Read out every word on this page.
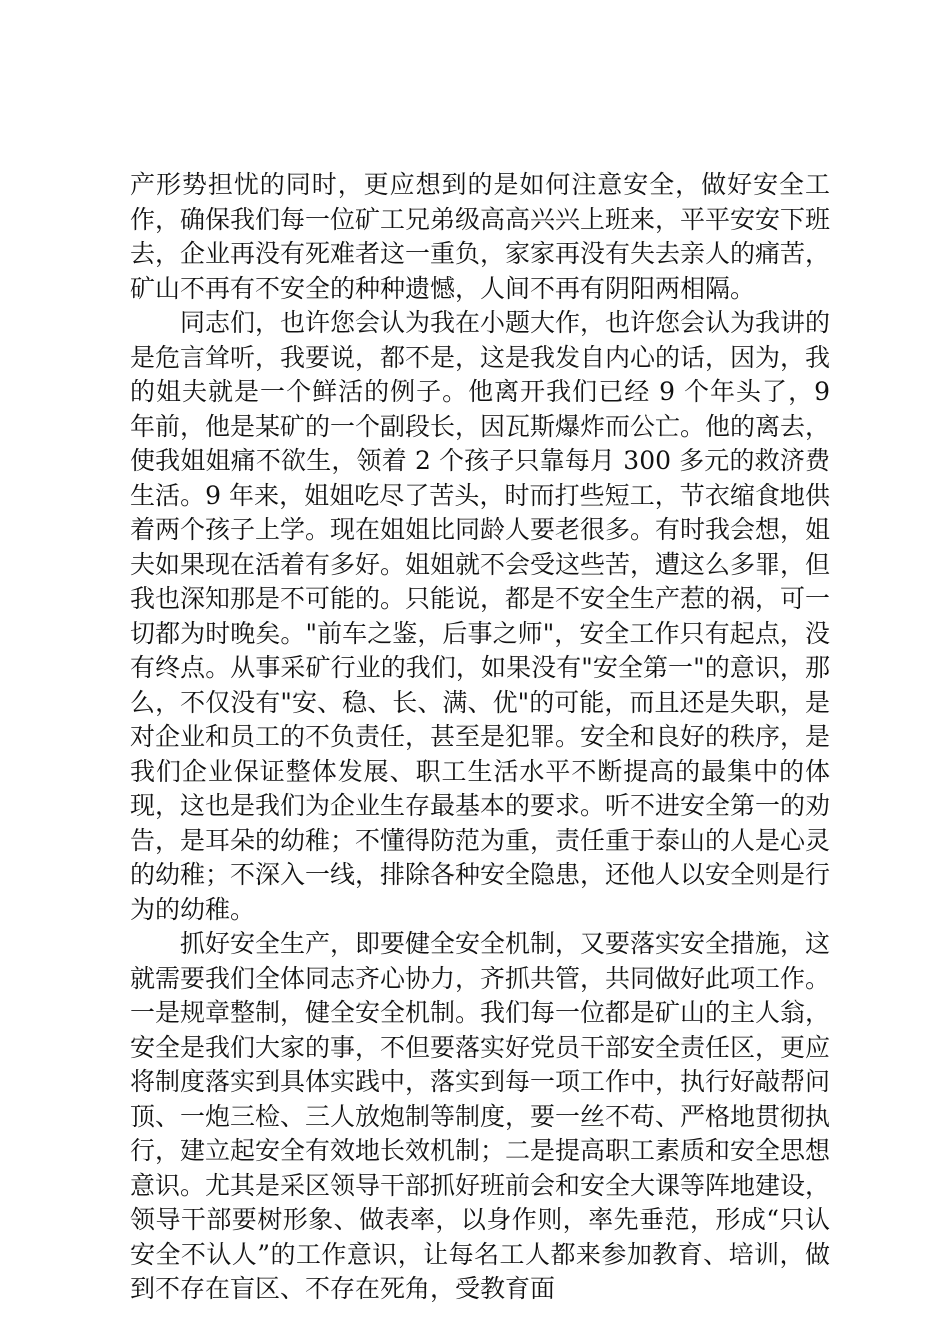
产形势担忧的同时，更应想到的是如何注意安全，做好安全工作，确保我们每一位矿工兄弟级高高兴兴上班来，平平安安下班去，企业再没有死难者这一重负，家家再没有失去亲人的痛苦，矿山不再有不安全的种种遗憾，人间不再有阴阳两相隔。

同志们，也许您会认为我在小题大作，也许您会认为我讲的是危言耸听，我要说，都不是，这是我发自内心的话，因为，我的姐夫就是一个鲜活的例子。他离开我们已经 9 个年头了，9 年前，他是某矿的一个副段长，因瓦斯爆炸而公亡。他的离去，使我姐姐痛不欲生，领着 2 个孩子只靠每月 300 多元的救济费生活。9 年来，姐姐吃尽了苦头，时而打些短工，节衣缩食地供着两个孩子上学。现在姐姐比同龄人要老很多。有时我会想，姐夫如果现在活着有多好。姐姐就不会受这些苦，遭这么多罪，但我也深知那是不可能的。只能说，都是不安全生产惹的祸，可一切都为时晚矣。"前车之鉴，后事之师"，安全工作只有起点，没有终点。从事采矿行业的我们，如果没有"安全第一"的意识，那么，不仅没有"安、稳、长、满、优"的可能，而且还是失职，是对企业和员工的不负责任，甚至是犯罪。安全和良好的秩序，是我们企业保证整体发展、职工生活水平不断提高的最集中的体现，这也是我们为企业生存最基本的要求。听不进安全第一的劝告，是耳朵的幼稚；不懂得防范为重，责任重于泰山的人是心灵的幼稚；不深入一线，排除各种安全隐患，还他人以安全则是行为的幼稚。

抓好安全生产，即要健全安全机制，又要落实安全措施，这就需要我们全体同志齐心协力，齐抓共管，共同做好此项工作。一是规章整制，健全安全机制。我们每一位都是矿山的主人翁，安全是我们大家的事，不但要落实好党员干部安全责任区，更应将制度落实到具体实践中，落实到每一项工作中，执行好敲帮问顶、一炮三检、三人放炮制等制度，要一丝不苟、严格地贯彻执行，建立起安全有效地长效机制；二是提高职工素质和安全思想意识。尤其是采区领导干部抓好班前会和安全大课等阵地建设，领导干部要树形象、做表率，以身作则，率先垂范，形成“只认安全不认人”的工作意识，让每名工人都来参加教育、培训，做到不存在盲区、不存在死角，受教育面
